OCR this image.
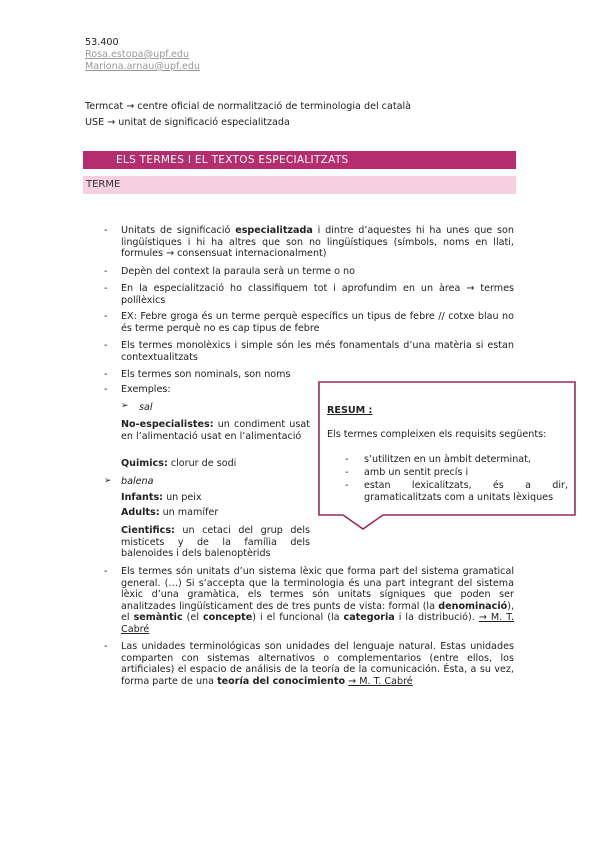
53.400
Rosa.estopa@upf.edu
Mariona.arnau@upf.edu
Termcat → centre oficial de normalització de terminologia del català
USE → unitat de significació especialitzada
ELS TERMES I EL TEXTOS ESPECIALITZATS
TERME
-	Unitats de significació especialitzada i dintre d’aquestes hi ha unes que son lingüístiques i hi ha altres que son no lingüístiques (símbols, noms en llati, formules → consensuat internacionalment)
-	Depèn del context la paraula serà un terme o no
-	En la especialització ho classifiquem tot i aprofundim en un àrea → termes polílèxics
-	EX: Febre groga és un terme perquè específics un tipus de febre // cotxe blau no és terme perquè no es cap tipus de febre
-	Els termes monolèxics i simple són les més fonamentals d’una matèria si estan contextualitzats
-	Els termes son nominals, son noms
-	Exemples:
➢ sal
No-especialistes: un condiment usat en l’alimentació usat en l’alimentació
Quimics: clorur de sodi
➢ balena
Infants: un peix
Adults: un mamífer
Cientifics: un cetaci del grup dels misticets y de la família dels balenoides i dels balenoptèrids
RESUM :
Els termes compleixen els requisits següents:
- s’utilitzen en un àmbit determinat,
- amb un sentit precís i
- estan lexicalitzats, és a dir, gramaticalitzats com a unitats lèxiques
-	Els termes són unitats d’un sistema lèxic que forma part del sistema gramatical general. (…) Si s’accepta que la terminologia és una part integrant del sistema lèxic d’una gramàtica, els termes són unitats sígniques que poden ser analitzades lingüísticament des de tres punts de vista: formal (la denominació), el semàntic (el concepte) i el funcional (la categoria i la distribució). → M. T. Cabré
-	Las unidades terminológicas son unidades del lenguaje natural. Estas unidades comparten con sistemas alternativos o complementarios (entre ellos, los artificiales) el espacio de análisis de la teoría de la comunicación. Ésta, a su vez, forma parte de una teoría del conocimiento → M. T. Cabré
